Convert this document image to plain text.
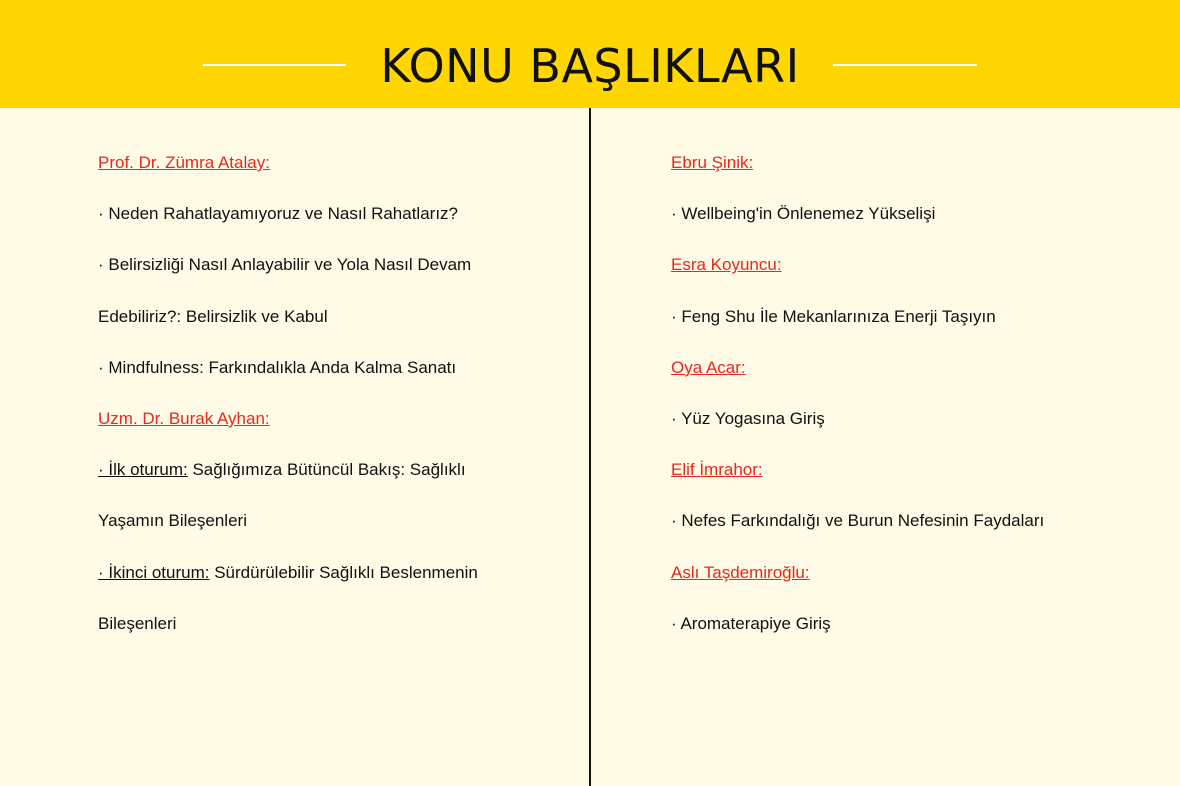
KONU BAŞLIKLARI
Prof. Dr. Zümra Atalay:
· Neden Rahatlayamıyoruz ve Nasıl Rahatlarız?
· Belirsizliği Nasıl Anlayabilir ve Yola Nasıl Devam
Edebiliriz?: Belirsizlik ve Kabul
· Mindfulness: Farkındalıkla Anda Kalma Sanatı
Uzm. Dr. Burak Ayhan:
· İlk oturum: Sağlığımıza Bütüncül Bakış: Sağlıklı
Yaşamın Bileşenleri
· İkinci oturum: Sürdürülebilir Sağlıklı Beslenmenin
Bileşenleri
Ebru Şinik:
· Wellbeing'in Önlenemez Yükselişi
Esra Koyuncu:
· Feng Shu İle Mekanlarınıza Enerji Taşıyın
Oya Acar:
· Yüz Yogasına Giriş
Elif İmrahor:
· Nefes Farkındalığı ve Burun Nefesinin Faydaları
Aslı Taşdemiroğlu:
· Aromaterapiye Giriş
